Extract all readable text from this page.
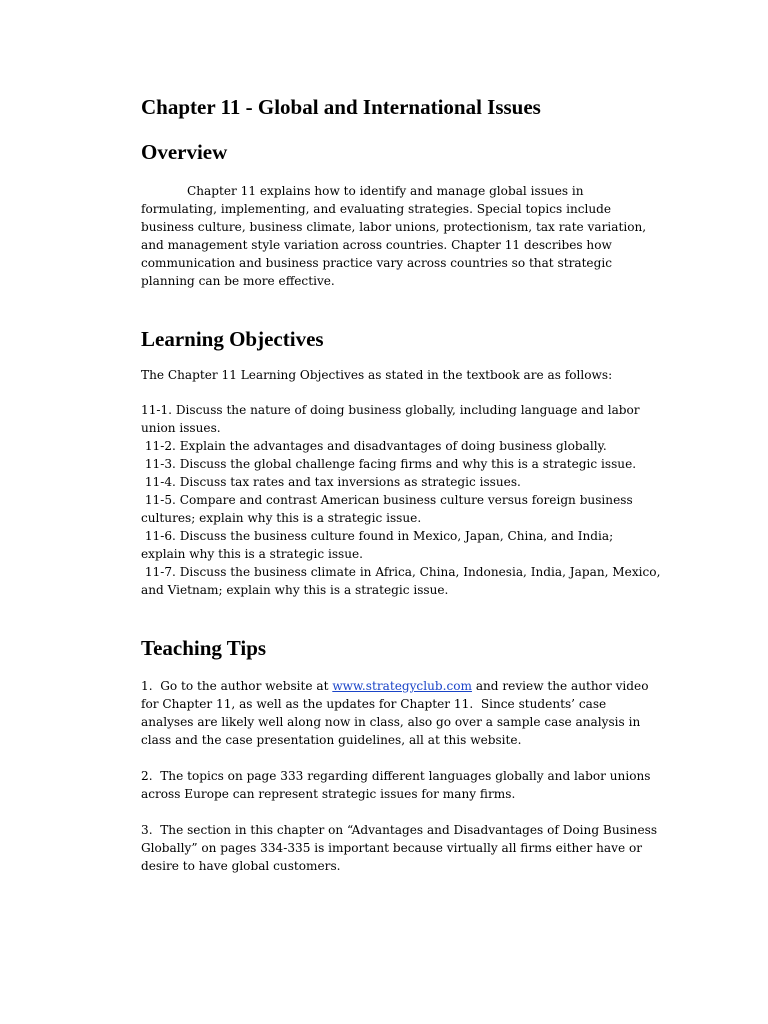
Chapter 11 - Global and International Issues
Overview

Chapter 11 explains how to identify and manage global issues in formulating, implementing, and evaluating strategies. Special topics include business culture, business climate, labor unions, protectionism, tax rate variation, and management style variation across countries. Chapter 11 describes how communication and business practice vary across countries so that strategic planning can be more effective.

Learning Objectives

The Chapter 11 Learning Objectives as stated in the textbook are as follows:

11-1. Discuss the nature of doing business globally, including language and labor union issues.
11-2. Explain the advantages and disadvantages of doing business globally.
11-3. Discuss the global challenge facing firms and why this is a strategic issue.
11-4. Discuss tax rates and tax inversions as strategic issues.
11-5. Compare and contrast American business culture versus foreign business cultures; explain why this is a strategic issue.
11-6. Discuss the business culture found in Mexico, Japan, China, and India; explain why this is a strategic issue.
11-7. Discuss the business climate in Africa, China, Indonesia, India, Japan, Mexico, and Vietnam; explain why this is a strategic issue.
Teaching Tips

1.  Go to the author website at www.strategyclub.com and review the author video for Chapter 11, as well as the updates for Chapter 11.  Since students’ case analyses are likely well along now in class, also go over a sample case analysis in class and the case presentation guidelines, all at this website.

2.  The topics on page 333 regarding different languages globally and labor unions across Europe can represent strategic issues for many firms.

3.  The section in this chapter on “Advantages and Disadvantages of Doing Business Globally” on pages 334-335 is important because virtually all firms either have or desire to have global customers.
